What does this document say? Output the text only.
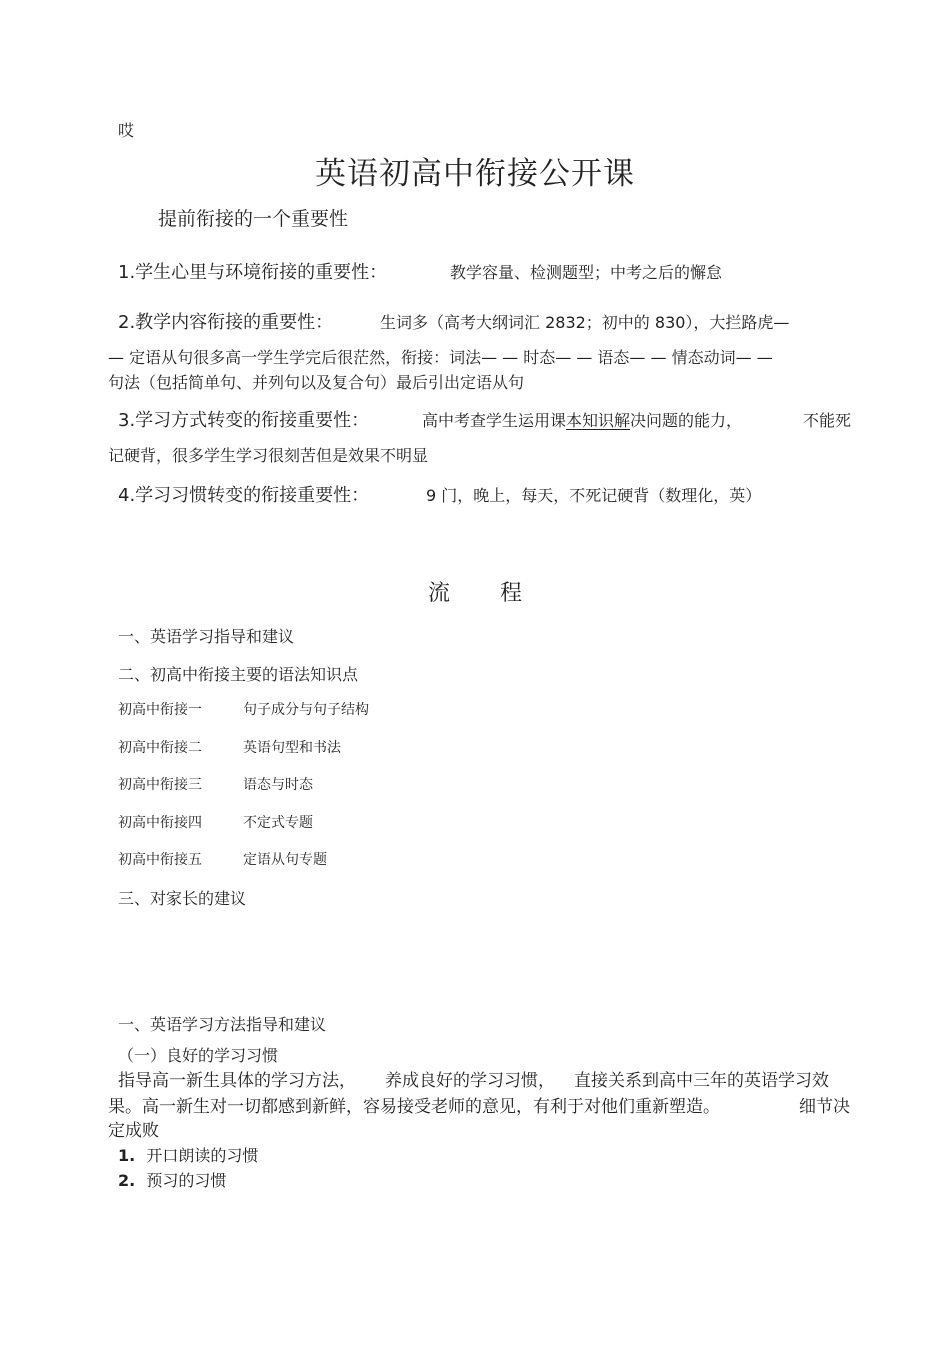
哎
英语初高中衔接公开课
提前衔接的一个重要性
1.学生心里与环境衔接的重要性：	教学容量、检测题型；中考之后的懈怠
2.教学内容衔接的重要性：	生词多（高考大纲词汇 2832；初中的 830），大拦路虎—
— 定语从句很多高一学生学完后很茫然，衔接：词法— — 时态— — 语态— — 情态动词— —
句法（包括简单句、并列句以及复合句）最后引出定语从句
3.学习方式转变的衔接重要性：	高中考查学生运用课本知识解决问题的能力，	不能死
记硬背，很多学生学习很刻苦但是效果不明显
4.学习习惯转变的衔接重要性：	9 门，晚上，每天，不死记硬背（数理化，英）
流 程
一、英语学习指导和建议
二、初高中衔接主要的语法知识点
初高中衔接一	句子成分与句子结构
初高中衔接二	英语句型和书法
初高中衔接三	语态与时态
初高中衔接四	不定式专题
初高中衔接五	定语从句专题
三、对家长的建议
一、英语学习方法指导和建议
（一）良好的学习习惯
指导高一新生具体的学习方法， 养成良好的学习习惯， 直接关系到高中三年的英语学习效
果。高一新生对一切都感到新鲜，容易接受老师的意见，有利于对他们重新塑造。	细节决
定成败
1. 开口朗读的习惯
2. 预习的习惯
